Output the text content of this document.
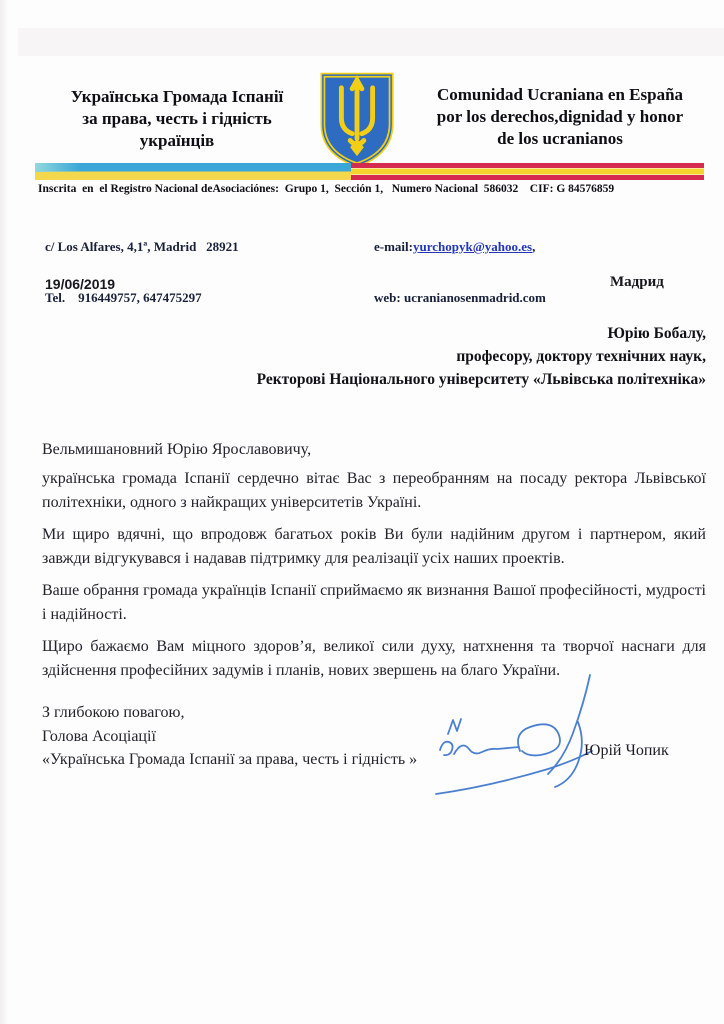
Українська Громада Іспанії
за права, честь і гідність
українців
Comunidad Ucraniana en España
por los derechos,dignidad y honor
de los ucranianos
Inscrita  en  el Registro Nacional deAsociaciónes:  Grupo 1,  Sección 1,   Numero Nacional  586032    CIF: G 84576859

c/ Los Alfares, 4,1ª, Madrid   28921

Tel.    916449757, 647475297

e-mail:yurchopyk@yahoo.es,

web: ucranianosenmadrid.com

19/06/2019	Мадрид
Юрію Бобалу,
професору, доктору технічних наук,
Ректорові Національного університету «Львівська політехніка»
Вельмишановний Юрію Ярославовичу,

українська громада Іспанії сердечно вітає Вас з переобранням на посаду ректора Львівської політехніки, одного з найкращих університетів Україні.

Ми щиро вдячні, що впродовж багатьох років Ви були надійним другом і партнером, який завжди відгукувався і надавав підтримку для реалізації усіх наших проектів.

Ваше обрання громада українців Іспанії сприймаємо як визнання Вашої професійності, мудрості і надійності.

Щиро бажаємо Вам міцного здоров’я, великої сили духу, натхнення та творчої наснаги для здійснення професійних задумів і планів, нових звершень на благо України.

З глибокою повагою,
Голова Асоціації
«Українська Громада Іспанії за права, честь і гідність »
Юрій Чопик
